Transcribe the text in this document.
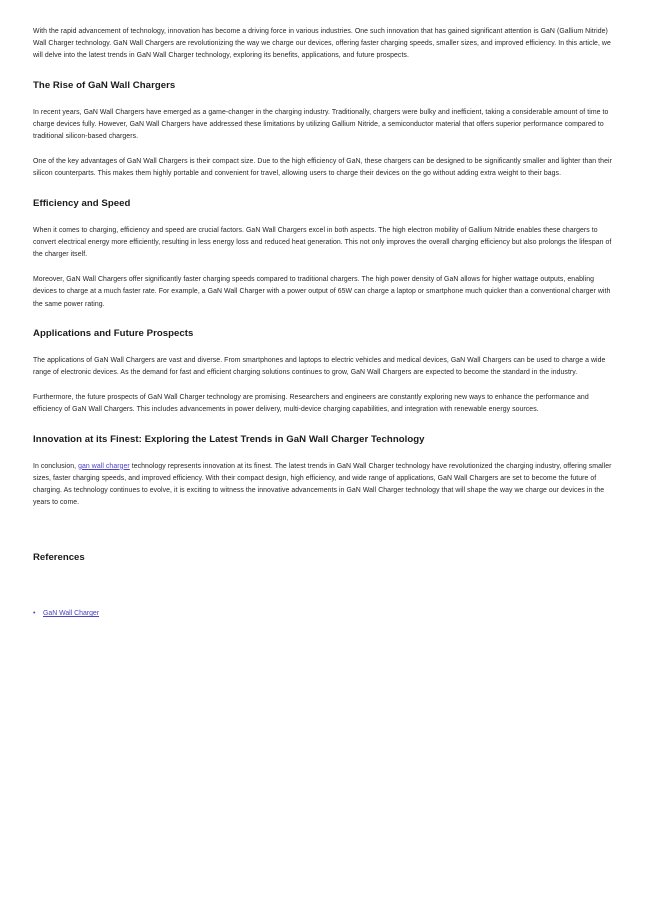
With the rapid advancement of technology, innovation has become a driving force in various industries. One such innovation that has gained significant attention is GaN (Gallium Nitride) Wall Charger technology. GaN Wall Chargers are revolutionizing the way we charge our devices, offering faster charging speeds, smaller sizes, and improved efficiency. In this article, we will delve into the latest trends in GaN Wall Charger technology, exploring its benefits, applications, and future prospects.

The Rise of GaN Wall Chargers

In recent years, GaN Wall Chargers have emerged as a game-changer in the charging industry. Traditionally, chargers were bulky and inefficient, taking a considerable amount of time to charge devices fully. However, GaN Wall Chargers have addressed these limitations by utilizing Gallium Nitride, a semiconductor material that offers superior performance compared to traditional silicon-based chargers.

One of the key advantages of GaN Wall Chargers is their compact size. Due to the high efficiency of GaN, these chargers can be designed to be significantly smaller and lighter than their silicon counterparts. This makes them highly portable and convenient for travel, allowing users to charge their devices on the go without adding extra weight to their bags.

Efficiency and Speed

When it comes to charging, efficiency and speed are crucial factors. GaN Wall Chargers excel in both aspects. The high electron mobility of Gallium Nitride enables these chargers to convert electrical energy more efficiently, resulting in less energy loss and reduced heat generation. This not only improves the overall charging efficiency but also prolongs the lifespan of the charger itself.

Moreover, GaN Wall Chargers offer significantly faster charging speeds compared to traditional chargers. The high power density of GaN allows for higher wattage outputs, enabling devices to charge at a much faster rate. For example, a GaN Wall Charger with a power output of 65W can charge a laptop or smartphone much quicker than a conventional charger with the same power rating.

Applications and Future Prospects

The applications of GaN Wall Chargers are vast and diverse. From smartphones and laptops to electric vehicles and medical devices, GaN Wall Chargers can be used to charge a wide range of electronic devices. As the demand for fast and efficient charging solutions continues to grow, GaN Wall Chargers are expected to become the standard in the industry.

Furthermore, the future prospects of GaN Wall Charger technology are promising. Researchers and engineers are constantly exploring new ways to enhance the performance and efficiency of GaN Wall Chargers. This includes advancements in power delivery, multi-device charging capabilities, and integration with renewable energy sources.

Innovation at its Finest: Exploring the Latest Trends in GaN Wall Charger Technology

In conclusion, gan wall charger technology represents innovation at its finest. The latest trends in GaN Wall Charger technology have revolutionized the charging industry, offering smaller sizes, faster charging speeds, and improved efficiency. With their compact design, high efficiency, and wide range of applications, GaN Wall Chargers are set to become the future of charging. As technology continues to evolve, it is exciting to witness the innovative advancements in GaN Wall Charger technology that will shape the way we charge our devices in the years to come.

References
• GaN Wall Charger
